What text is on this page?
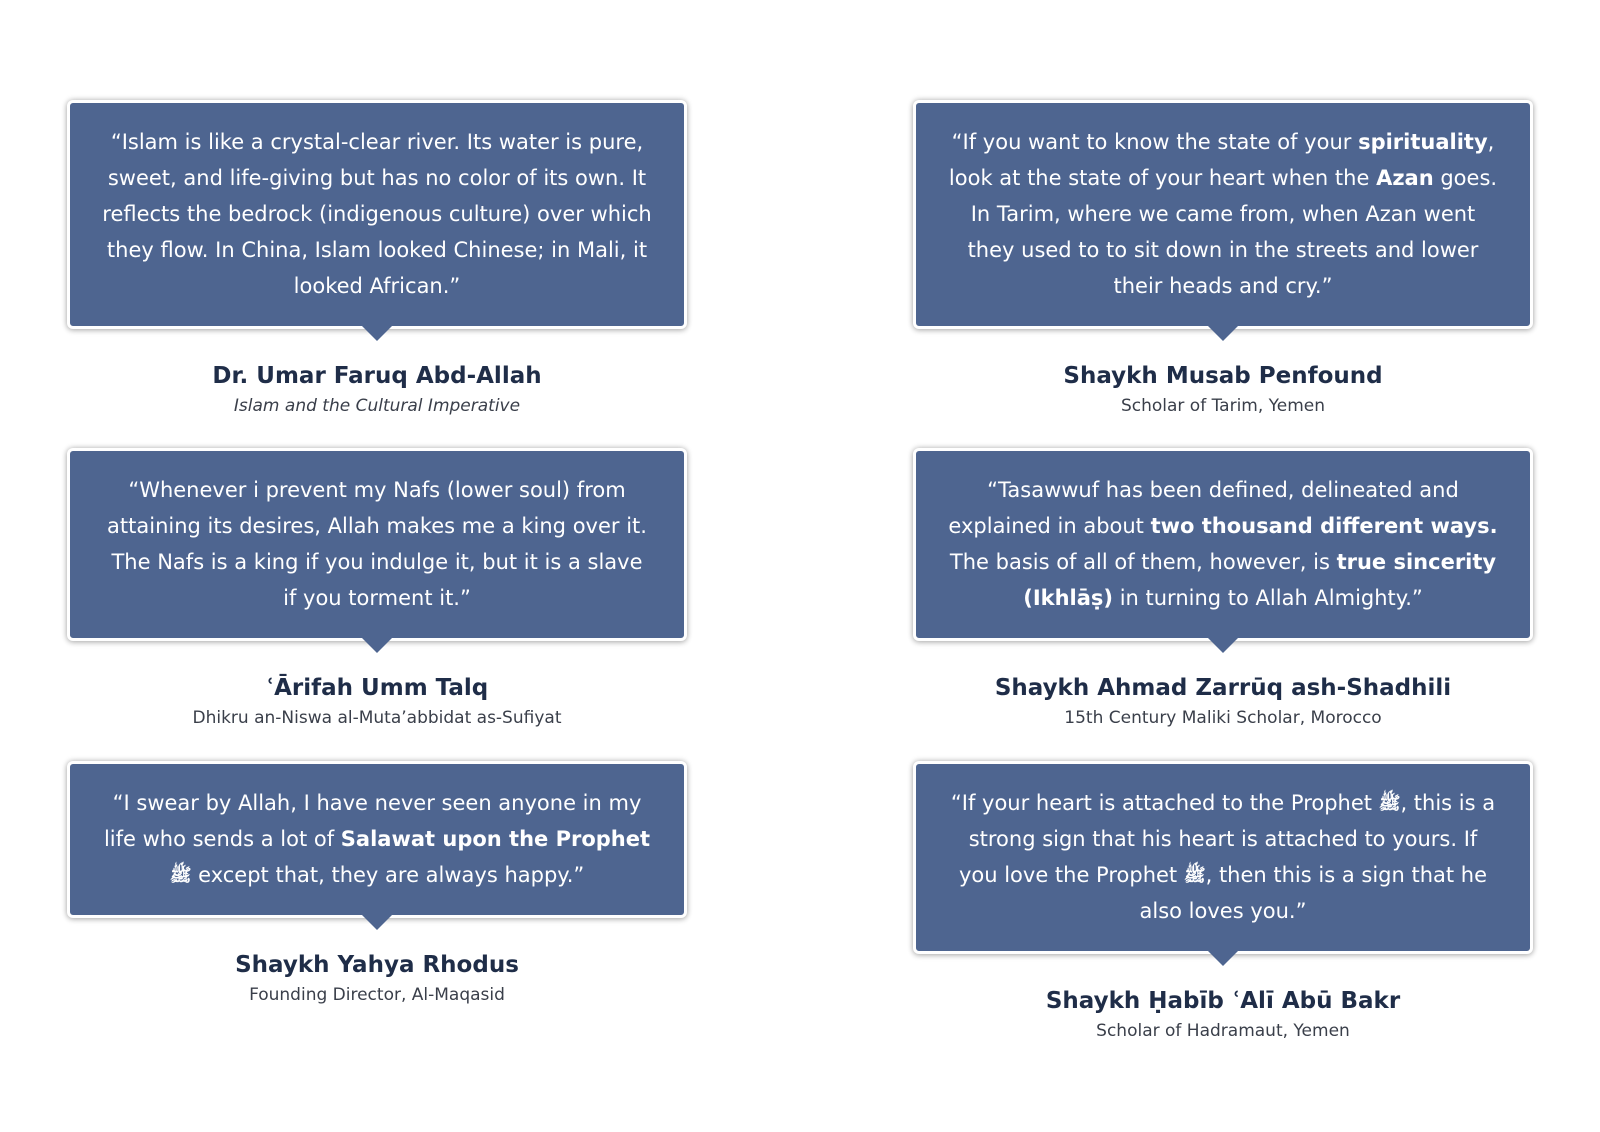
“Islam is like a crystal-clear river. Its water is pure, sweet, and life-giving but has no color of its own. It reflects the bedrock (indigenous culture) over which they flow. In China, Islam looked Chinese; in Mali, it looked African.”
Dr. Umar Faruq Abd-Allah
Islam and the Cultural Imperative
“If you want to know the state of your spirituality, look at the state of your heart when the Azan goes. In Tarim, where we came from, when Azan went they used to to sit down in the streets and lower their heads and cry.”
Shaykh Musab Penfound
Scholar of Tarim, Yemen
“Whenever i prevent my Nafs (lower soul) from attaining its desires, Allah makes me a king over it. The Nafs is a king if you indulge it, but it is a slave if you torment it.”
ʿĀrifah Umm Talq
Dhikru an-Niswa al-Muta’abbidat as-Sufiyat
“Tasawwuf has been defined, delineated and explained in about two thousand different ways. The basis of all of them, however, is true sincerity (Ikhlāṣ) in turning to Allah Almighty.”
Shaykh Ahmad Zarrūq ash-Shadhili
15th Century Maliki Scholar, Morocco
“I swear by Allah, I have never seen anyone in my life who sends a lot of Salawat upon the Prophet ﷺ except that, they are always happy.”
Shaykh Yahya Rhodus
Founding Director, Al-Maqasid
“If your heart is attached to the Prophet ﷺ, this is a strong sign that his heart is attached to yours. If you love the Prophet ﷺ, then this is a sign that he also loves you.”
Shaykh Ḥabīb ʿAlī Abū Bakr
Scholar of Hadramaut, Yemen
